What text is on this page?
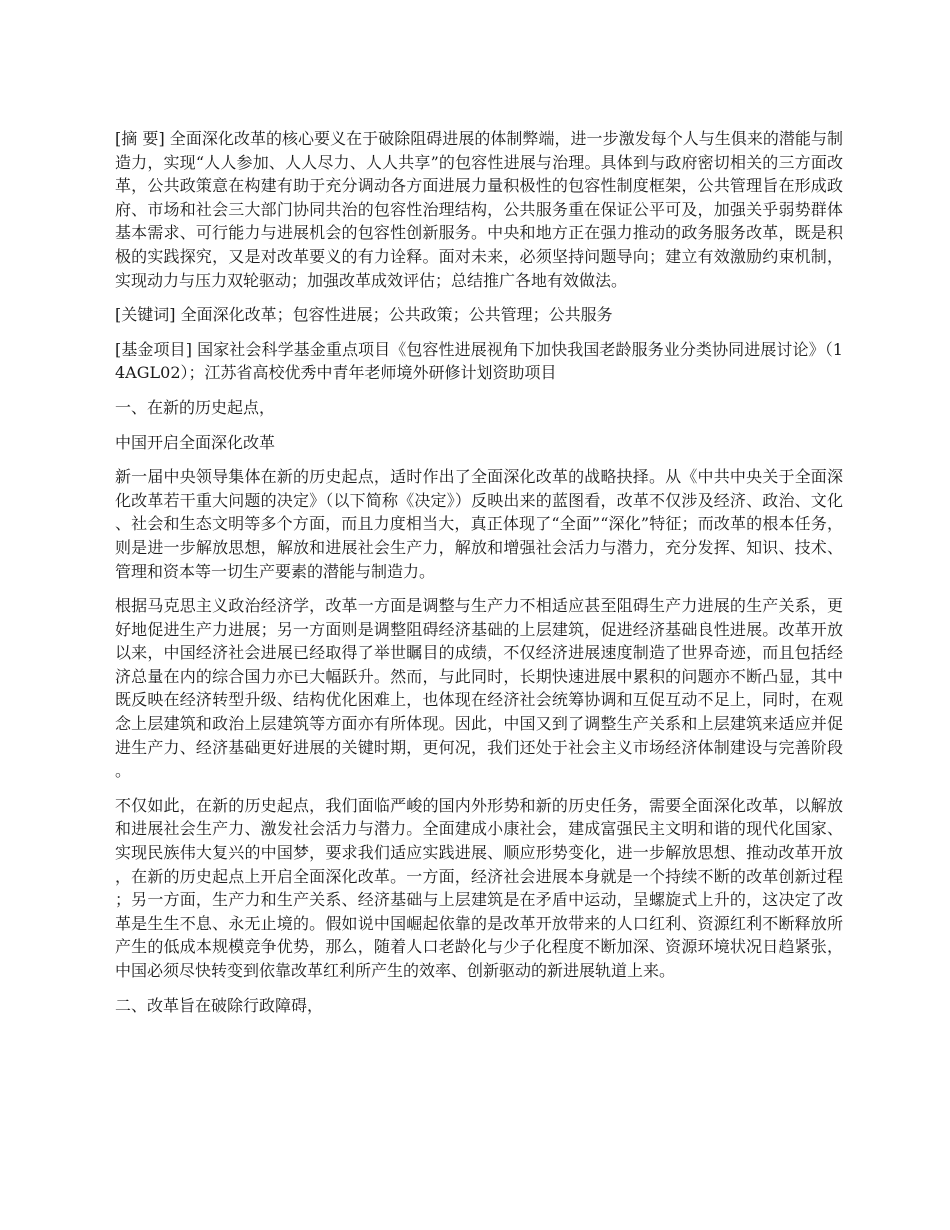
[摘 要] 全面深化改革的核心要义在于破除阻碍进展的体制弊端，进一步激发每个人与生俱来的潜能与制造力，实现“人人参加、人人尽力、人人共享”的包容性进展与治理。具体到与政府密切相关的三方面改革，公共政策意在构建有助于充分调动各方面进展力量积极性的包容性制度框架，公共管理旨在形成政府、市场和社会三大部门协同共治的包容性治理结构，公共服务重在保证公平可及，加强关乎弱势群体基本需求、可行能力与进展机会的包容性创新服务。中央和地方正在强力推动的政务服务改革，既是积极的实践探究，又是对改革要义的有力诠释。面对未来，必须坚持问题导向；建立有效激励约束机制，实现动力与压力双轮驱动；加强改革成效评估；总结推广各地有效做法。

[关键词] 全面深化改革；包容性进展；公共政策；公共管理；公共服务

[基金项目] 国家社会科学基金重点项目《包容性进展视角下加快我国老龄服务业分类协同进展讨论》（14AGL02）；江苏省高校优秀中青年老师境外研修计划资助项目

一、在新的历史起点，

中国开启全面深化改革

新一届中央领导集体在新的历史起点，适时作出了全面深化改革的战略抉择。从《中共中央关于全面深化改革若干重大问题的决定》（以下简称《决定》）反映出来的蓝图看，改革不仅涉及经济、政治、文化、社会和生态文明等多个方面，而且力度相当大，真正体现了“全面”“深化”特征；而改革的根本任务，则是进一步解放思想，解放和进展社会生产力，解放和增强社会活力与潜力，充分发挥、知识、技术、管理和资本等一切生产要素的潜能与制造力。

根据马克思主义政治经济学，改革一方面是调整与生产力不相适应甚至阻碍生产力进展的生产关系，更好地促进生产力进展；另一方面则是调整阻碍经济基础的上层建筑，促进经济基础良性进展。改革开放以来，中国经济社会进展已经取得了举世瞩目的成绩，不仅经济进展速度制造了世界奇迹，而且包括经济总量在内的综合国力亦已大幅跃升。然而，与此同时，长期快速进展中累积的问题亦不断凸显，其中既反映在经济转型升级、结构优化困难上，也体现在经济社会统筹协调和互促互动不足上，同时，在观念上层建筑和政治上层建筑等方面亦有所体现。因此，中国又到了调整生产关系和上层建筑来适应并促进生产力、经济基础更好进展的关键时期，更何况，我们还处于社会主义市场经济体制建设与完善阶段。

不仅如此，在新的历史起点，我们面临严峻的国内外形势和新的历史任务，需要全面深化改革，以解放和进展社会生产力、激发社会活力与潜力。全面建成小康社会，建成富强民主文明和谐的现代化国家、实现民族伟大复兴的中国梦，要求我们适应实践进展、顺应形势变化，进一步解放思想、推动改革开放，在新的历史起点上开启全面深化改革。一方面，经济社会进展本身就是一个持续不断的改革创新过程；另一方面，生产力和生产关系、经济基础与上层建筑是在矛盾中运动，呈螺旋式上升的，这决定了改革是生生不息、永无止境的。假如说中国崛起依靠的是改革开放带来的人口红利、资源红利不断释放所产生的低成本规模竞争优势，那么，随着人口老龄化与少子化程度不断加深、资源环境状况日趋紧张，中国必须尽快转变到依靠改革红利所产生的效率、创新驱动的新进展轨道上来。

二、改革旨在破除行政障碍，
